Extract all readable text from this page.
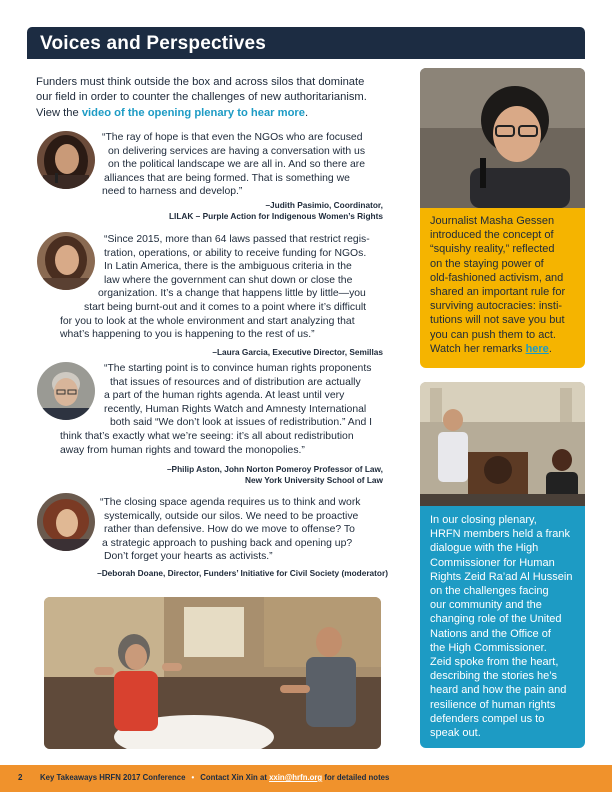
Voices and Perspectives
Funders must think outside the box and across silos that dominate
our field in order to counter the challenges of new authoritarianism.
View the video of the opening plenary to hear more.

“The ray of hope is that even the NGOs who are focused

on delivering services are having a conversation with us

on the political landscape we are all in. And so there are

alliances that are being formed. That is something we

need to harness and develop.”

–Judith Pasimio, Coordinator,
LILAK – Purple Action for Indigenous Women’s Rights

“Since 2015, more than 64 laws passed that restrict regis-

tration, operations, or ability to receive funding for NGOs.

In Latin America, there is the ambiguous criteria in the

law where the government can shut down or close the

organization. It’s a change that happens little by little—you

start being burnt-out and it comes to a point where it’s difficult

for you to look at the whole environment and start analyzing that

what’s happening to you is happening to the rest of us.”

–Laura Garcia, Executive Director, Semillas

“The starting point is to convince human rights proponents

that issues of resources and of distribution are actually

a part of the human rights agenda. At least until very

recently, Human Rights Watch and Amnesty International

both said “We don’t look at issues of redistribution.” And I

think that’s exactly what we’re seeing: it’s all about redistribution

away from human rights and toward the monopolies.”

–Philip Aston, John Norton Pomeroy Professor of Law,
New York University School of Law

“The closing space agenda requires us to think and work

systemically, outside our silos. We need to be proactive

rather than defensive. How do we move to offense? To

a strategic approach to pushing back and opening up?

Don’t forget your hearts as activists.”

–Deborah Doane, Director, Funders’ Initiative for Civil Society (moderator)
Journalist Masha Gessen
introduced the concept of
“squishy reality,” reflected
on the staying power of
old-fashioned activism, and
shared an important rule for
surviving autocracies: insti-
tutions will not save you but
you can push them to act.
Watch her remarks here.
In our closing plenary,
HRFN members held a frank
dialogue with the High
Commissioner for Human
Rights Zeid Ra’ad Al Hussein
on the challenges facing
our community and the
changing role of the United
Nations and the Office of
the High Commissioner.
Zeid spoke from the heart,
describing the stories he’s
heard and how the pain and
resilience of human rights
defenders compel us to
speak out.
2 Key Takeaways HRFN 2017 Conference • Contact Xin Xin at xxin@hrfn.org for detailed notes
